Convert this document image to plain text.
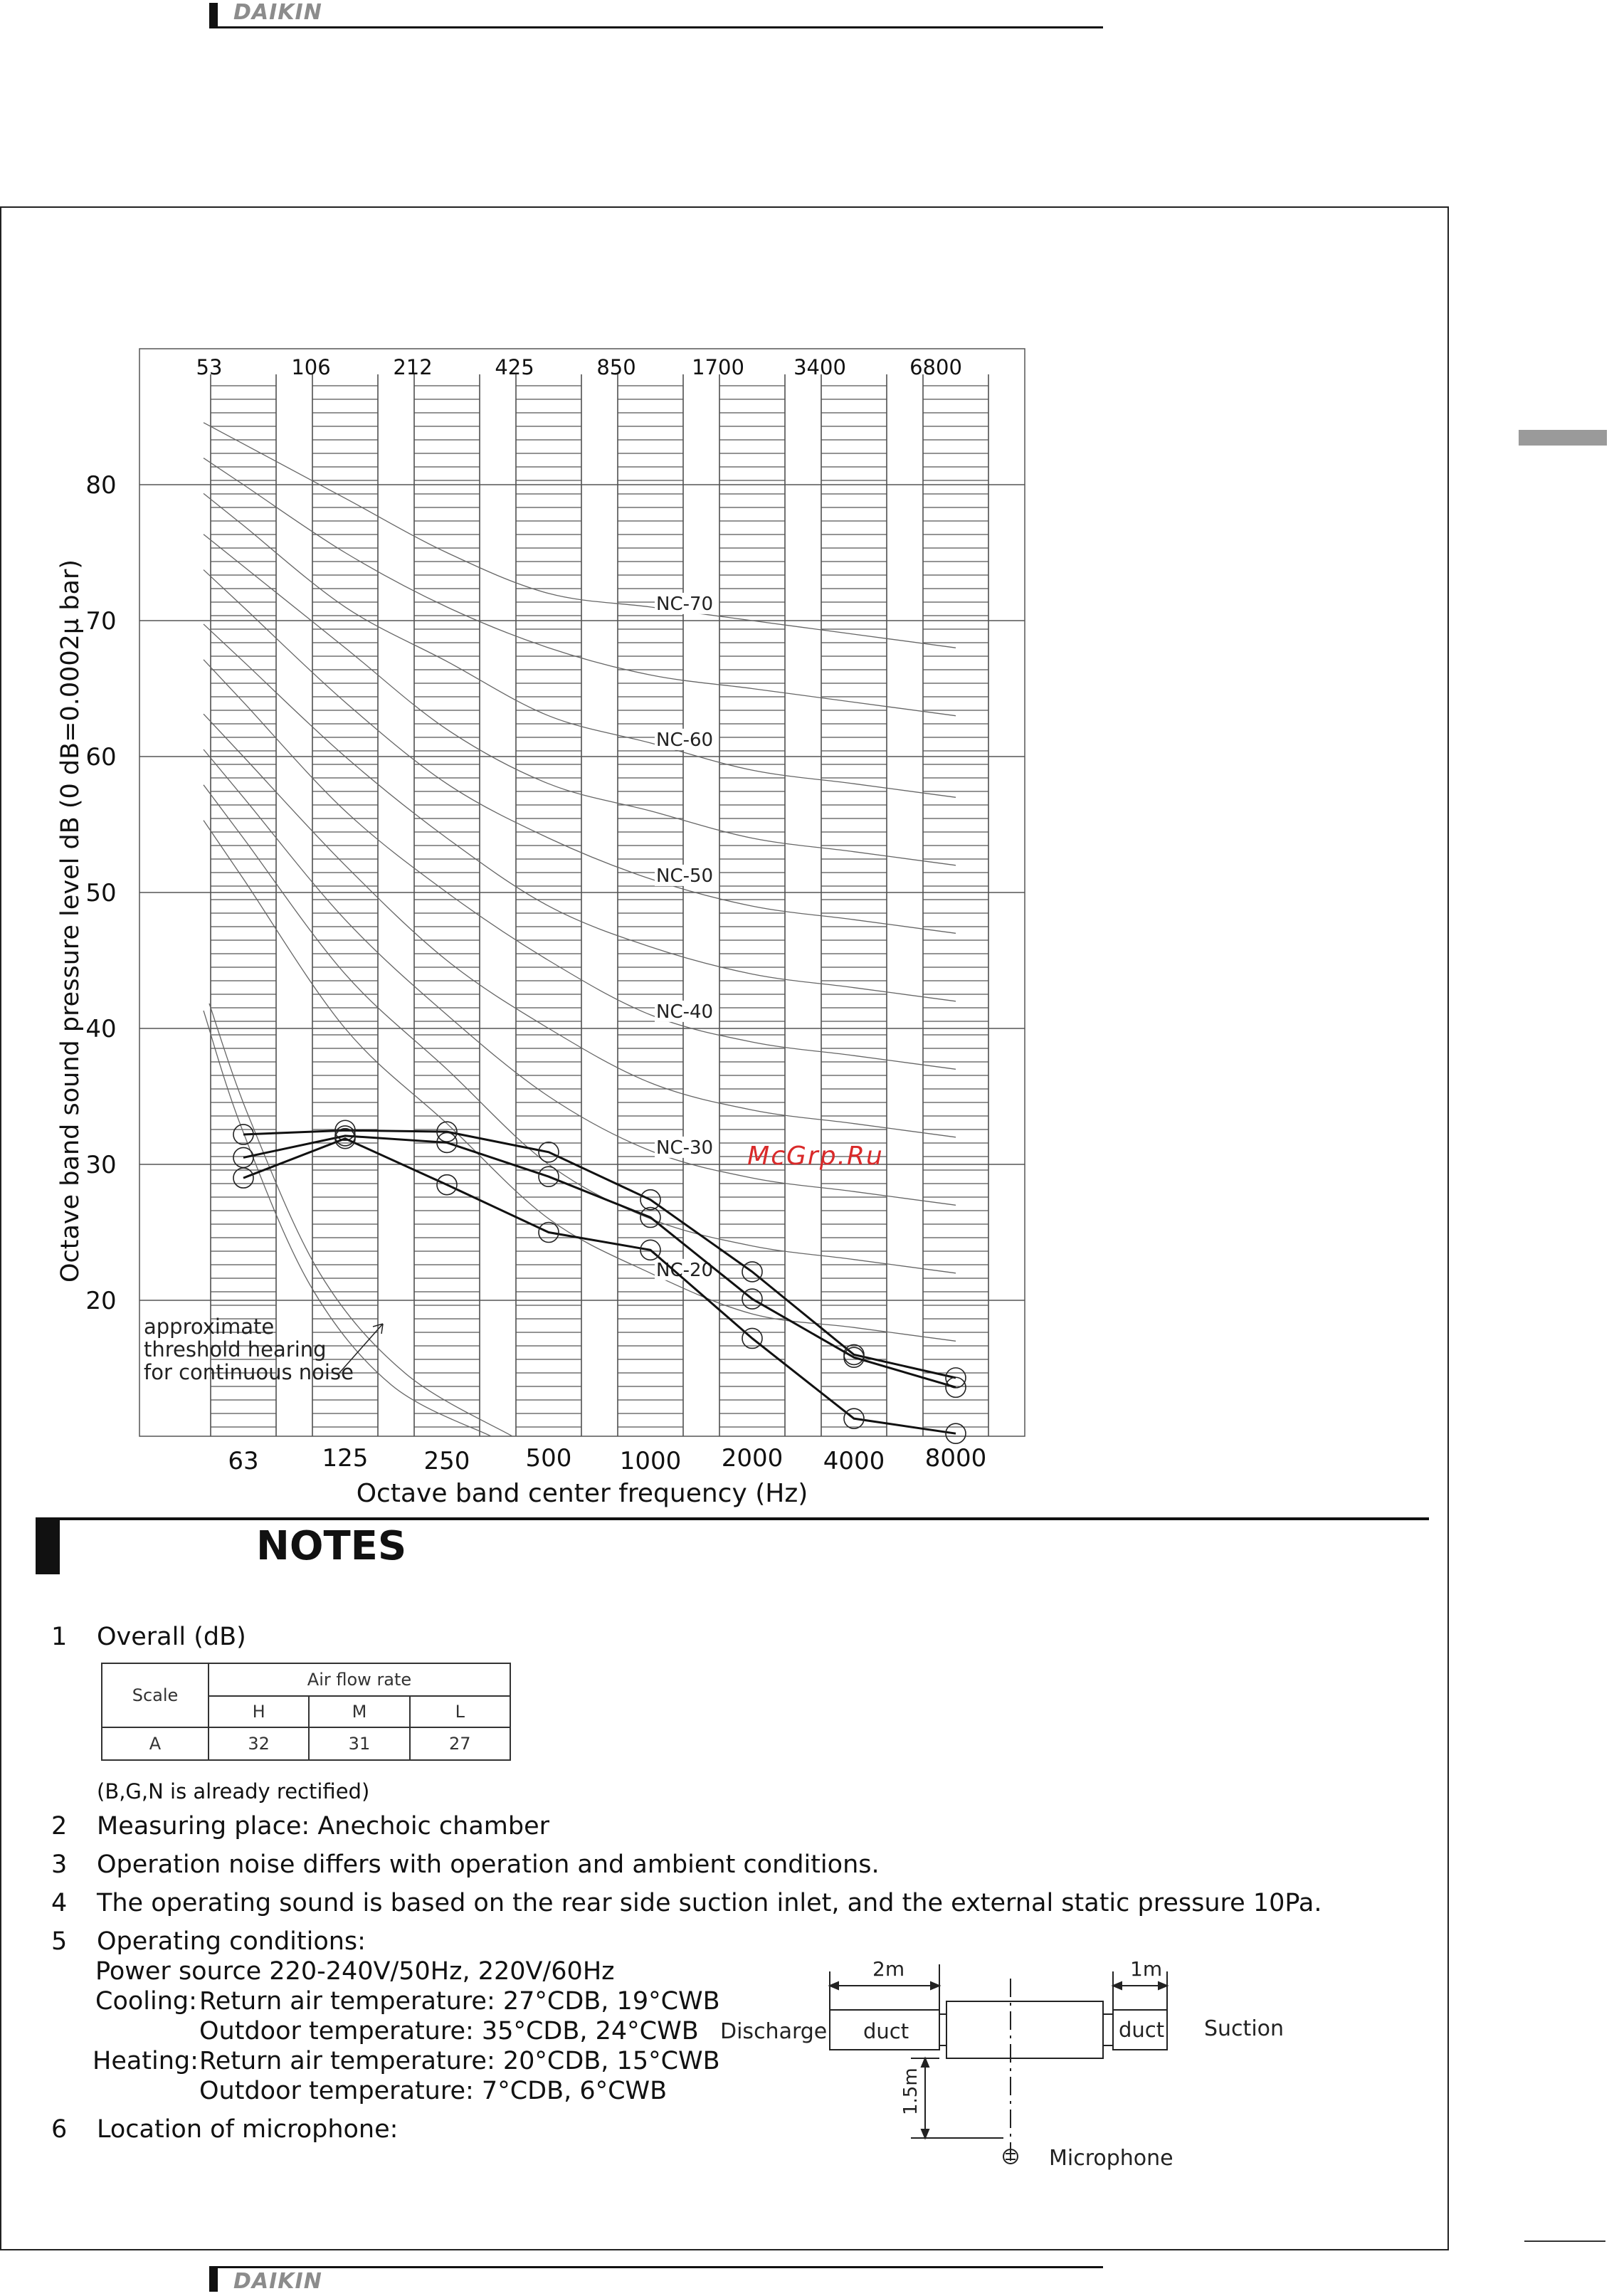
DAIKIN
NC-70
NC-60
NC-50
NC-40
NC-30
NC-20
approximate
threshold hearing
for continuous noise
20
30
40
50
60
70
80
53	106	212	425	850	1700 3400	6800
63	125 250 500 1000 2000 4000 8000
Octave band center frequency (Hz)
Octave band sound pressure level dB (0 dB=0.0002µ bar)	McGrp.Ru
NOTES
1 Overall (dB)
Scale	Air flow rate		
	H	M	L
A	32	31	27
(B,G,N is already rectified)
2 Measuring place: Anechoic chamber
3 Operation noise differs with operation and ambient conditions.
4 The operating sound is based on the rear side suction inlet, and the external static pressure 10Pa.
5 Operating conditions:
Power source 220-240V/50Hz, 220V/60Hz
Cooling: Return air temperature: 27°CDB, 19°CWB
Outdoor temperature: 35°CDB, 24°CWB
Heating: Return air temperature: 20°CDB, 15°CWB
Outdoor temperature: 7°CDB, 6°CWB
6 Location of microphone:
2m	1m
1.5m
duct	duct
Discharge	Suction
Microphone
DAIKIN
